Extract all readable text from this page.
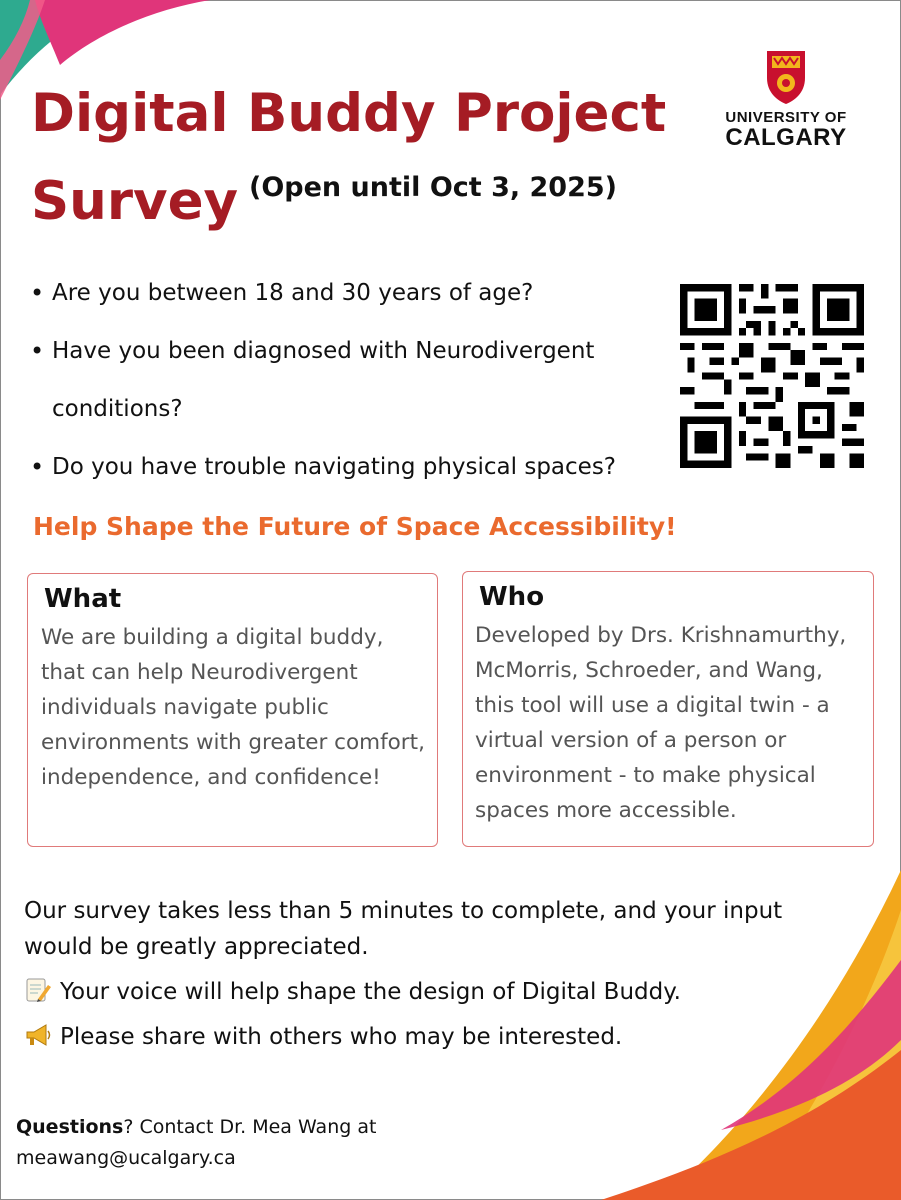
Digital Buddy Project Survey (Open until Oct 3, 2025)
UNIVERSITY OF
CALGARY
• Are you between 18 and 30 years of age?
• Have you been diagnosed with Neurodivergent conditions?
• Do you have trouble navigating physical spaces?
Help Shape the Future of Space Accessibility!
What
We are building a digital buddy, that can help Neurodivergent individuals navigate public environments with greater comfort, independence, and confidence!
Who
Developed by Drs. Krishnamurthy, McMorris, Schroeder, and Wang, this tool will use a digital twin - a virtual version of a person or environment - to make physical spaces more accessible.

Our survey takes less than 5 minutes to complete, and your input would be greatly appreciated.

Your voice will help shape the design of Digital Buddy.

Please share with others who may be interested.

Questions? Contact Dr. Mea Wang at
meawang@ucalgary.ca
